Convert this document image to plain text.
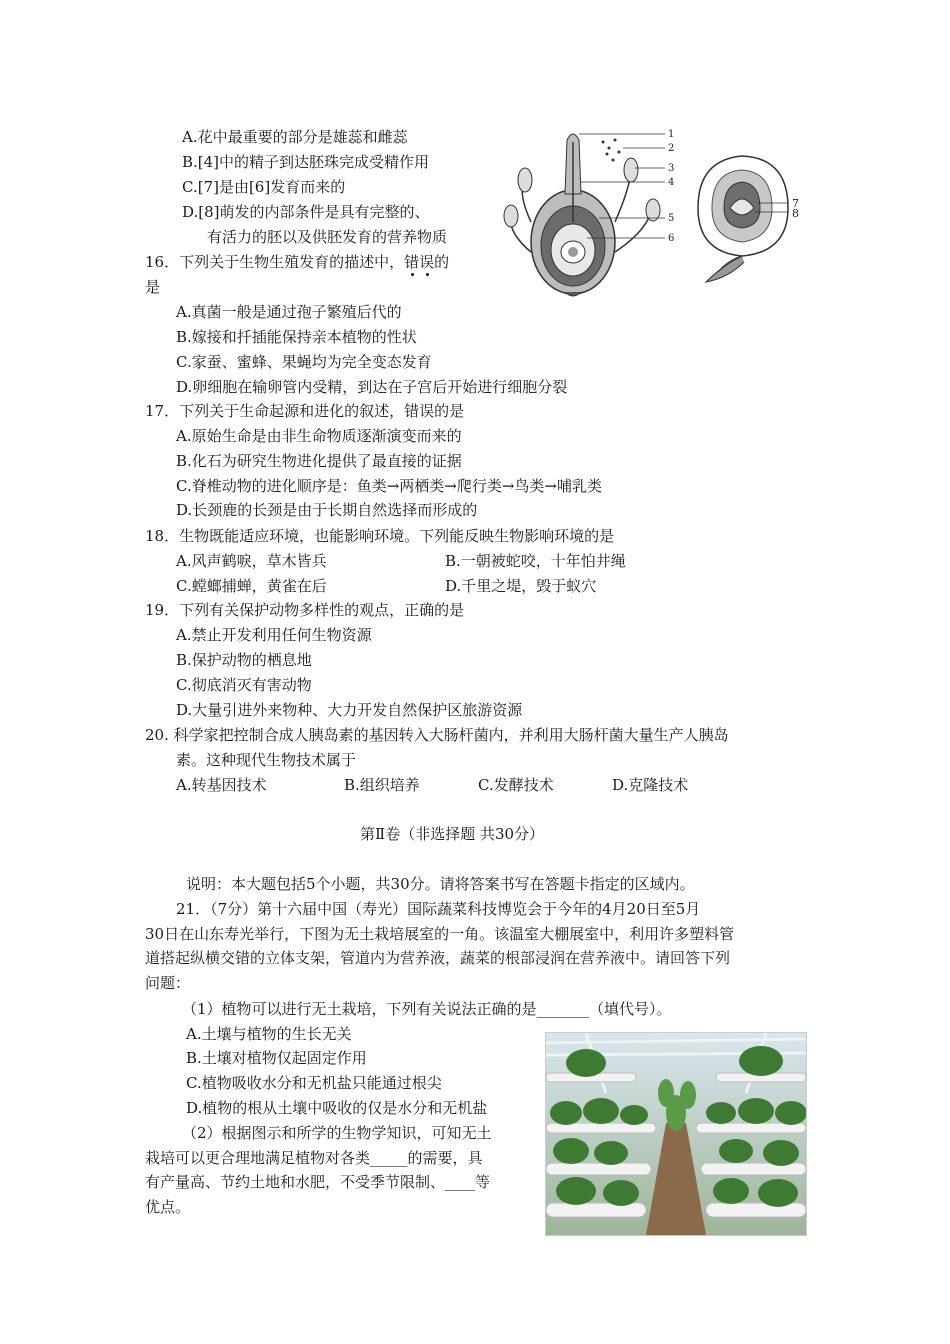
A.花中最重要的部分是雄蕊和雌蕊
B.[4]中的精子到达胚珠完成受精作用
C.[7]是由[6]发育而来的
D.[8]萌发的内部条件是具有完整的、
有活力的胚以及供胚发育的营养物质
1
2
3
4
5
6
7
8
16．下列关于生物生殖发育的描述中，错误的
是
A.真菌一般是通过孢子繁殖后代的
B.嫁接和扦插能保持亲本植物的性状
C.家蚕、蜜蜂、果蝇均为完全变态发育
D.卵细胞在输卵管内受精，到达在子宫后开始进行细胞分裂
17．下列关于生命起源和进化的叙述，错误的是
A.原始生命是由非生命物质逐渐演变而来的
B.化石为研究生物进化提供了最直接的证据
C.脊椎动物的进化顺序是：鱼类→两栖类→爬行类→鸟类→哺乳类
D.长颈鹿的长颈是由于长期自然选择而形成的
18．生物既能适应环境，也能影响环境。下列能反映生物影响环境的是
A.风声鹤唳，草木皆兵	B.一朝被蛇咬，十年怕井绳
C.螳螂捕蝉，黄雀在后	D.千里之堤，毁于蚁穴
19．下列有关保护动物多样性的观点，正确的是
A.禁止开发利用任何生物资源
B.保护动物的栖息地
C.彻底消灭有害动物
D.大量引进外来物种、大力开发自然保护区旅游资源
20. 科学家把控制合成人胰岛素的基因转入大肠杆菌内，并利用大肠杆菌大量生产人胰岛
素。这种现代生物技术属于
A.转基因技术	B.组织培养	C.发酵技术	D.克隆技术
第Ⅱ卷（非选择题 共30分）
说明：本大题包括5个小题，共30分。请将答案书写在答题卡指定的区域内。
21．（7分）第十六届中国（寿光）国际蔬菜科技博览会于今年的4月20日至5月
30日在山东寿光举行，下图为无土栽培展室的一角。该温室大棚展室中，利用许多塑料管
道搭起纵横交错的立体支架，管道内为营养液，蔬菜的根部浸润在营养液中。请回答下列
问题：
（1）植物可以进行无土栽培，下列有关说法正确的是_______（填代号）。
A.土壤与植物的生长无关
B.土壤对植物仅起固定作用
C.植物吸收水分和无机盐只能通过根尖
D.植物的根从土壤中吸收的仅是水分和无机盐
（2）根据图示和所学的生物学知识，可知无土
栽培可以更合理地满足植物对各类_____的需要，具
有产量高、节约土地和水肥，不受季节限制、____等
优点。
